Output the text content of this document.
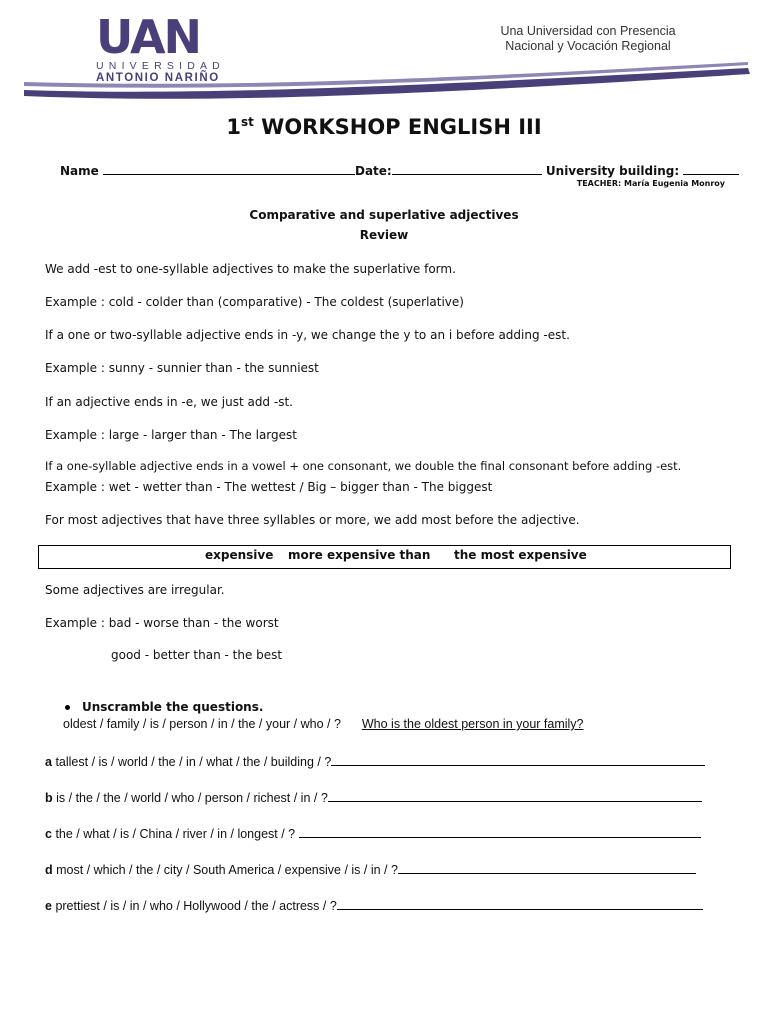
UAN
UNIVERSIDAD
ANTONIO NARIÑO
Una Universidad con Presencia
Nacional y Vocación Regional
1st WORKSHOP ENGLISH III
Name	Date:	University building:
TEACHER: María Eugenia Monroy
Comparative and superlative adjectives
Review
We add -est to one-syllable adjectives to make the superlative form.
Example : cold - colder than (comparative) - The coldest (superlative)
If a one or two-syllable adjective ends in -y, we change the y to an i before adding -est.
Example : sunny - sunnier than - the sunniest
If an adjective ends in -e, we just add -st.
Example : large - larger than - The largest
If a one-syllable adjective ends in a vowel + one consonant, we double the final consonant before adding -est.
Example : wet - wetter than - The wettest / Big – bigger than - The biggest
For most adjectives that have three syllables or more, we add most before the adjective.
expensive more expensive than the most expensive
Some adjectives are irregular.
Example : bad - worse than - the worst
good - better than - the best
Unscramble the questions.
oldest / family / is / person / in / the / your / who / ? Who is the oldest person in your family?
a tallest / is / world / the / in / what / the / building / ?
b is / the / the / world / who / person / richest / in / ?
c the / what / is / China / river / in / longest / ?
d most / which / the / city / South America / expensive / is / in / ?
e prettiest / is / in / who / Hollywood / the / actress / ?
